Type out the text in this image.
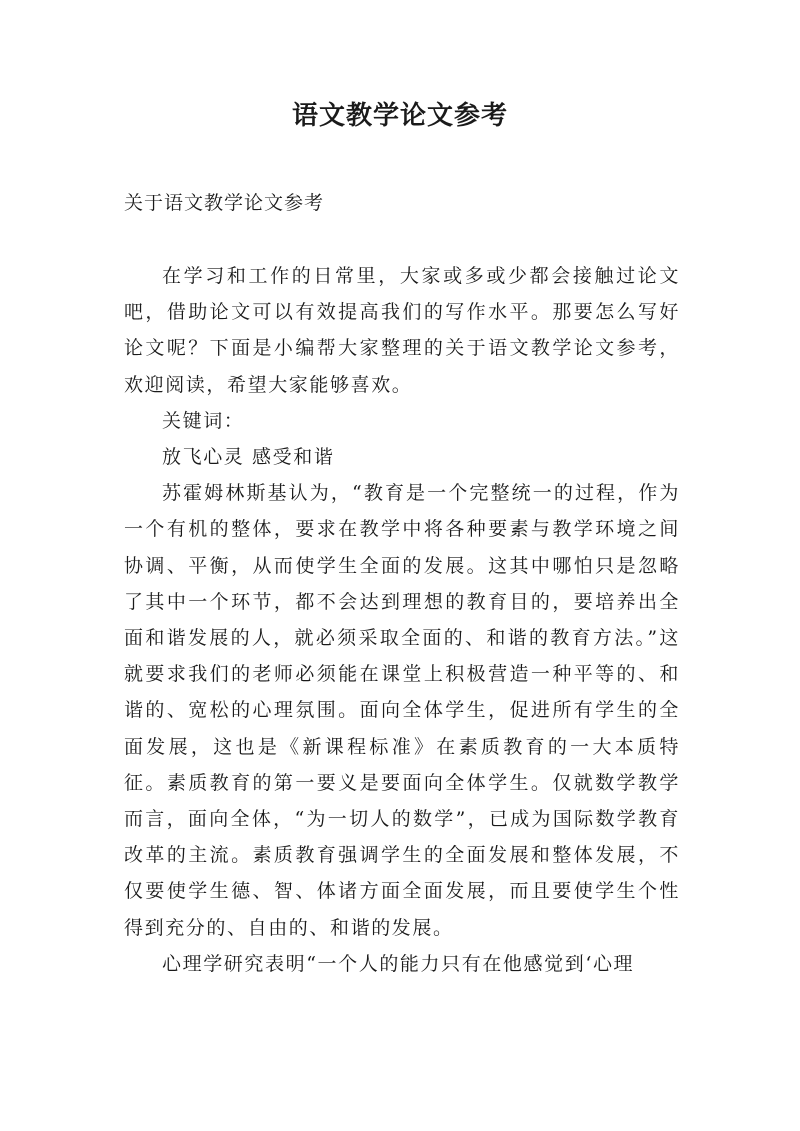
语文教学论文参考
关于语文教学论文参考

在学习和工作的日常里，大家或多或少都会接触过论文吧，借助论文可以有效提高我们的写作水平。那要怎么写好论文呢？下面是小编帮大家整理的关于语文教学论文参考，欢迎阅读，希望大家能够喜欢。

关键词：

放飞心灵 感受和谐

苏霍姆林斯基认为，“教育是一个完整统一的过程，作为一个有机的整体，要求在教学中将各种要素与教学环境之间协调、平衡，从而使学生全面的发展。这其中哪怕只是忽略了其中一个环节，都不会达到理想的教育目的，要培养出全面和谐发展的人，就必须采取全面的、和谐的教育方法。”这就要求我们的老师必须能在课堂上积极营造一种平等的、和谐的、宽松的心理氛围。面向全体学生，促进所有学生的全面发展，这也是《新课程标准》在素质教育的一大本质特征。素质教育的第一要义是要面向全体学生。仅就数学教学而言，面向全体，“为一切人的数学”，已成为国际数学教育改革的主流。素质教育强调学生的全面发展和整体发展，不仅要使学生德、智、体诸方面全面发展，而且要使学生个性得到充分的、自由的、和谐的发展。

心理学研究表明“一个人的能力只有在他感觉到‘心理
